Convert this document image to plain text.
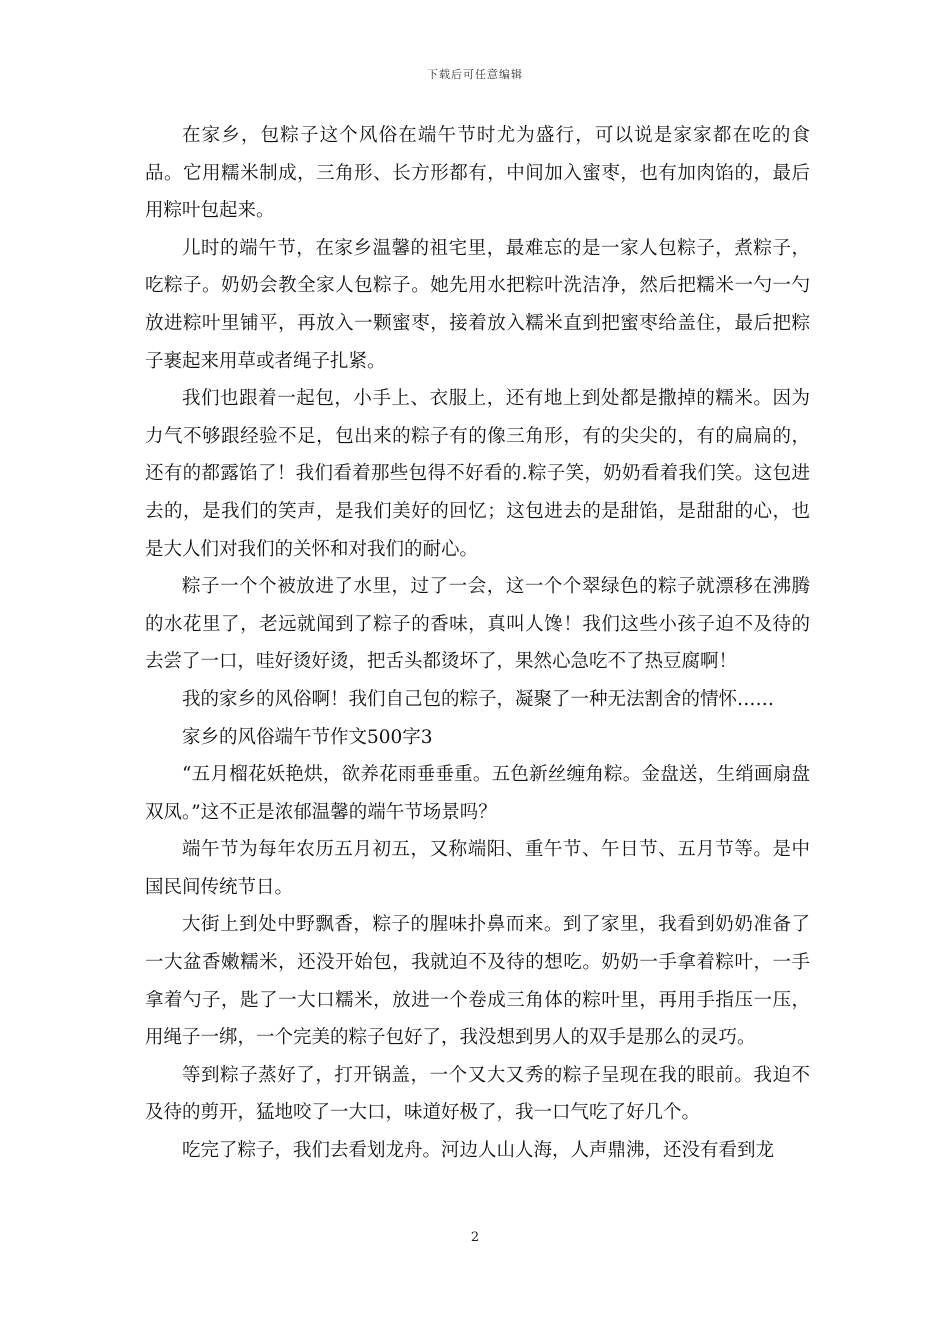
下载后可任意编辑

在家乡，包粽子这个风俗在端午节时尤为盛行，可以说是家家都在吃的食品。它用糯米制成，三角形、长方形都有，中间加入蜜枣，也有加肉馅的，最后用粽叶包起来。

儿时的端午节，在家乡温馨的祖宅里，最难忘的是一家人包粽子，煮粽子，吃粽子。奶奶会教全家人包粽子。她先用水把粽叶洗洁净，然后把糯米一勺一勺放进粽叶里铺平，再放入一颗蜜枣，接着放入糯米直到把蜜枣给盖住，最后把粽子裹起来用草或者绳子扎紧。

我们也跟着一起包，小手上、衣服上，还有地上到处都是撒掉的糯米。因为力气不够跟经验不足，包出来的粽子有的像三角形，有的尖尖的，有的扁扁的，还有的都露馅了！我们看着那些包得不好看的.粽子笑，奶奶看着我们笑。这包进去的，是我们的笑声，是我们美好的回忆；这包进去的是甜馅，是甜甜的心，也是大人们对我们的关怀和对我们的耐心。

粽子一个个被放进了水里，过了一会，这一个个翠绿色的粽子就漂移在沸腾的水花里了，老远就闻到了粽子的香味，真叫人馋！我们这些小孩子迫不及待的去尝了一口，哇好烫好烫，把舌头都烫坏了，果然心急吃不了热豆腐啊！

我的家乡的风俗啊！我们自己包的粽子，凝聚了一种无法割舍的情怀……

家乡的风俗端午节作文500字3

“五月榴花妖艳烘，欲养花雨垂垂重。五色新丝缠角粽。金盘送，生绡画扇盘双凤。”这不正是浓郁温馨的端午节场景吗？

端午节为每年农历五月初五，又称端阳、重午节、午日节、五月节等。是中国民间传统节日。

大街上到处中野飘香，粽子的腥味扑鼻而来。到了家里，我看到奶奶准备了一大盆香嫩糯米，还没开始包，我就迫不及待的想吃。奶奶一手拿着粽叶，一手拿着勺子，匙了一大口糯米，放进一个卷成三角体的粽叶里，再用手指压一压，用绳子一绑，一个完美的粽子包好了，我没想到男人的双手是那么的灵巧。

等到粽子蒸好了，打开锅盖，一个又大又秀的粽子呈现在我的眼前。我迫不及待的剪开，猛地咬了一大口，味道好极了，我一口气吃了好几个。

吃完了粽子，我们去看划龙舟。河边人山人海，人声鼎沸，还没有看到龙

2
